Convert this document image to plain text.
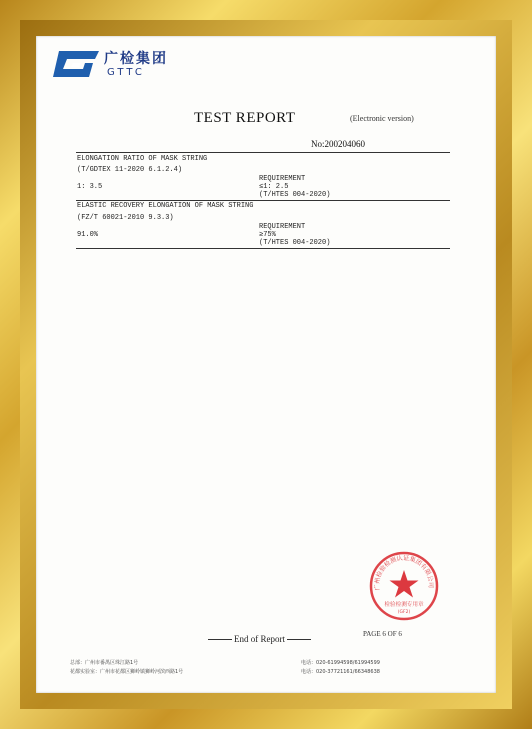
广检集团
GTTC
TEST REPORT	(Electronic version)
No:200204060
ELONGATION RATIO OF MASK STRING
(T/GDTEX 11-2020 6.1.2.4)
1: 3.5
REQUIREMENT
≤1: 2.5
(T/HTES 004-2020)
ELASTIC RECOVERY ELONGATION OF MASK STRING
(FZ/T 60021-2010 9.3.3)
91.0%
REQUIREMENT
≥75%
(T/HTES 004-2020)
广州检验检测认证集团有限公司
检验检测专用章
(GF2)
End of Report	PAGE 6 OF 6
总部：广州市番禺区珠江路1号
花都实验室：广州市花都区狮岭镇狮岭河滨西路1号
电话：020-61994598/61994599
电话：020-37721161/66348638
